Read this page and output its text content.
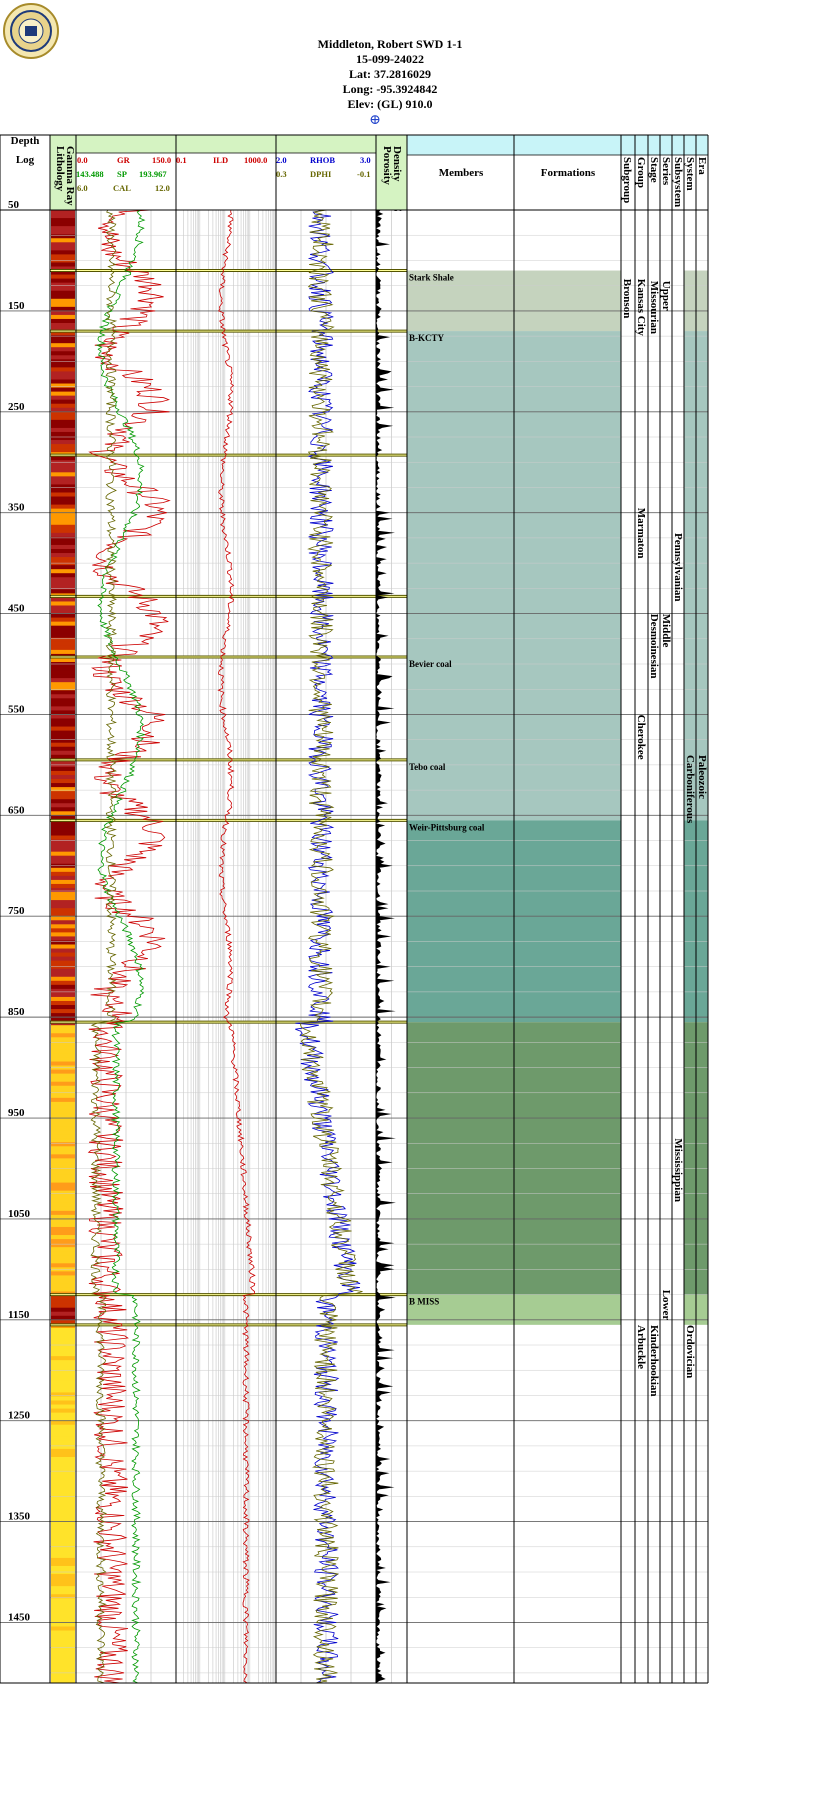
Middleton, Robert SWD 1-1
15-099-24022
Lat: 37.2816029
Long: -95.3924842
Elev: (GL) 910.0
⊕
Depth
Log
Members	Formations
0.0	GR	150.0
143.488 SP 193.967
6.0	CAL	12.0
0.1	ILD 1000.0 2.0	RHOB	3.0
0.3	DPHI	-0.1
50
150
250
350
450
550
650
750
850
950
1050
1150
1250
1350
1450
Stark Shale
B-KCTY
Bevier coal
Tebo coal
Weir-Pittsburg coal
B MISS
Lithology
Gamma Ray	Porosity
Density	Subgroup Group Stage Series Subsystem System Era
Bronson Kansas City
Marmaton
Cherokee
Missourian
Desmoinesian
Kinderhookian
Arbuckle
Upper
Middle
Lower
Pennsylvanian
Mississippian
Carboniferous
Ordovician
Paleozoic
